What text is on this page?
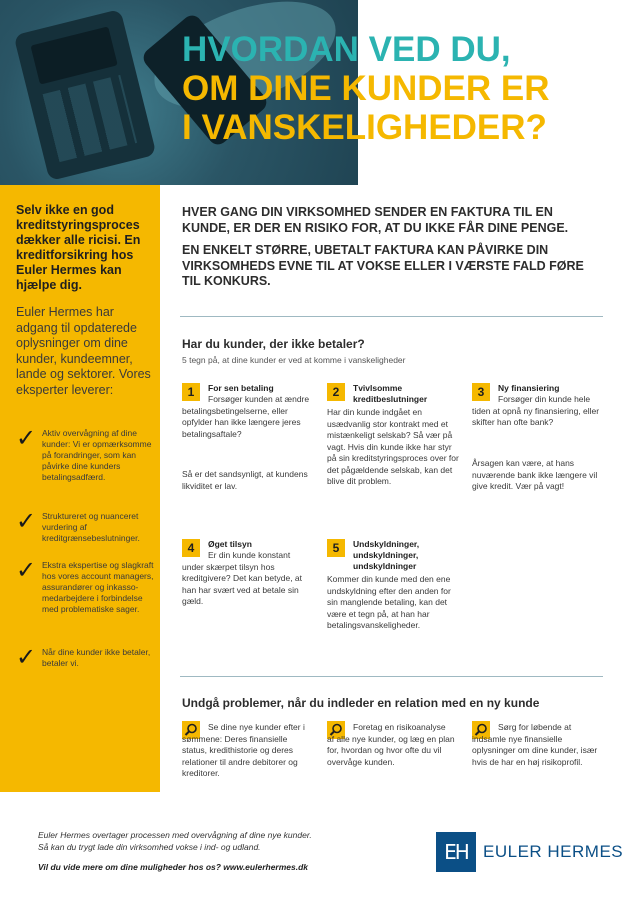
HVORDAN VED DU,
OM DINE KUNDER ER
I VANSKELIGHEDER?

Selv ikke en god kreditstyringsproces dækker alle ricisi. En kreditforsikring hos Euler Hermes kan hjælpe dig.

Euler Hermes har adgang til opdaterede oplysninger om dine kunder, kundeemner, lande og sektorer. Vores eksperter leverer:

✓ Aktiv overvågning af dine kunder: Vi er opmærksomme på forandringer, som kan påvirke dine kunders betalingsadfærd.
✓ Struktureret og nuanceret vurdering af kreditgrænsebeslutninger.
✓ Ekstra ekspertise og slagkraft hos vores account managers, assurandører og inkasso-medarbejdere i forbindelse med problematiske sager.
✓ Når dine kunder ikke betaler, betaler vi.

HVER GANG DIN VIRKSOMHED SENDER EN FAKTURA TIL EN KUNDE, ER DER EN RISIKO FOR, AT DU IKKE FÅR DINE PENGE.

EN ENKELT STØRRE, UBETALT FAKTURA KAN PÅVIRKE DIN VIRKSOMHEDS EVNE TIL AT VOKSE ELLER I VÆRSTE FALD FØRE TIL KONKURS.

Har du kunder, der ikke betaler?

5 tegn på, at dine kunder er ved at komme i vanskeligheder

1	For sen betaling

Forsøger kunden at ændre betalingsbetingelserne, eller opfylder han ikke længere jeres betalingsaftale?

Så er det sandsynligt, at kundens likviditet er lav.

2	Tvivlsomme kreditbeslutninger

Har din kunde indgået en usædvanlig stor kontrakt med et mistænkeligt selskab? Så vær på vagt. Hvis din kunde ikke har styr på sin kreditstyringsproces over for det pågældende selskab, kan det blive dit problem.

3	Ny finansiering

Forsøger din kunde hele tiden at opnå ny finansiering, eller skifter han ofte bank?

Årsagen kan være, at hans nuværende bank ikke længere vil give kredit. Vær på vagt!

4	Øget tilsyn

Er din kunde konstant under skærpet tilsyn hos kreditgivere? Det kan betyde, at han har svært ved at betale sin gæld.

5	Undskyldninger, undskyldninger, undskyldninger

Kommer din kunde med den ene undskyldning efter den anden for sin manglende betaling, kan det være et tegn på, at han har betalingsvanskeligheder.

Undgå problemer, når du indleder en relation med en ny kunde

Se dine nye kunder efter i sømmene: Deres finansielle status, kredithistorie og deres relationer til andre debitorer og kreditorer.

Foretag en risikoanalyse af alle nye kunder, og læg en plan for, hvordan og hvor ofte du vil overvåge kunden.

Sørg for løbende at indsamle nye finansielle oplysninger om dine kunder, især hvis de har en høj risikoprofil.

Euler Hermes overtager processen med overvågning af dine nye kunder.

Så kan du trygt lade din virksomhed vokse i ind- og udland.

Vil du vide mere om dine muligheder hos os? www.eulerhermes.dk

EH EULER HERMES
